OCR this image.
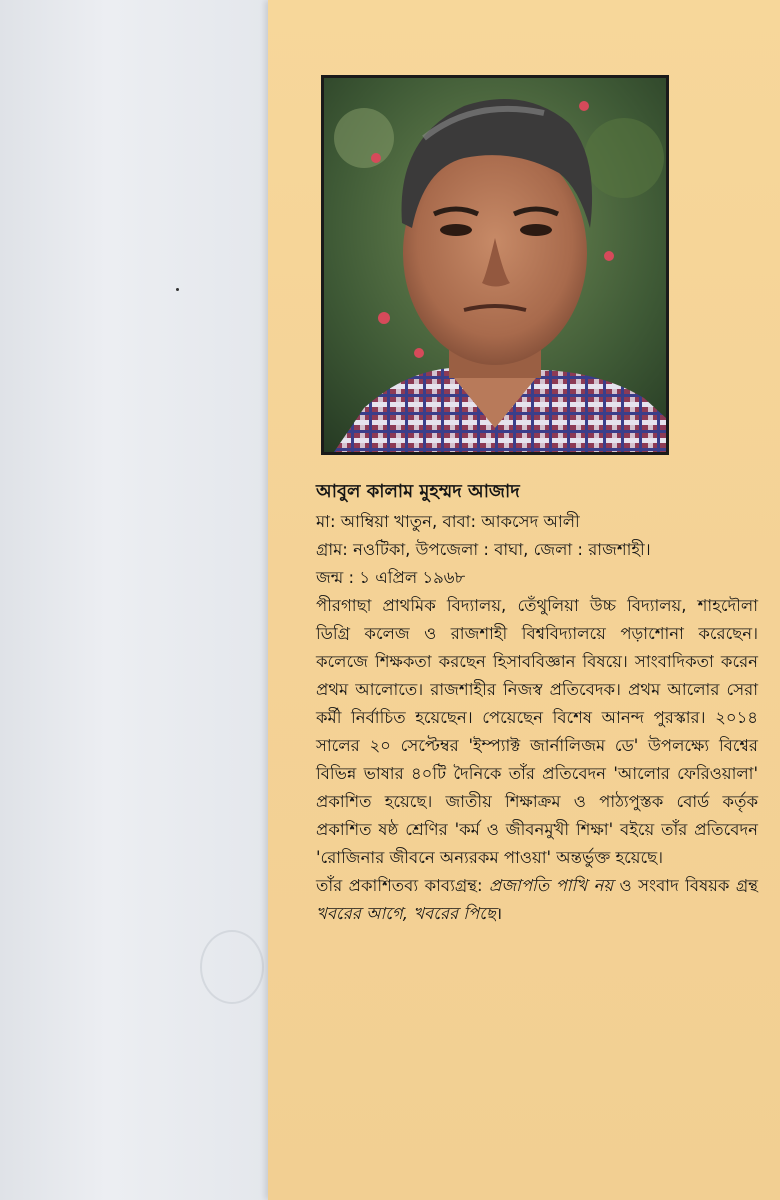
আবুল কালাম মুহম্মদ আজাদ
মা: আম্বিয়া খাতুন, বাবা: আকসেদ আলী
গ্রাম: নওটিকা, উপজেলা : বাঘা, জেলা : রাজশাহী।
জন্ম : ১ এপ্রিল ১৯৬৮
পীরগাছা প্রাথমিক বিদ্যালয়, তেঁথুলিয়া উচ্চ বিদ্যালয়, শাহদৌলা ডিগ্রি কলেজ ও রাজশাহী বিশ্ববিদ্যালয়ে পড়াশোনা করেছেন। কলেজে শিক্ষকতা করছেন হিসাববিজ্ঞান বিষয়ে। সাংবাদিকতা করেন প্রথম আলোতে। রাজশাহীর নিজস্ব প্রতিবেদক। প্রথম আলোর সেরা কর্মী নির্বাচিত হয়েছেন। পেয়েছেন বিশেষ আনন্দ পুরস্কার। ২০১৪ সালের ২০ সেপ্টেম্বর 'ইম্প্যাক্ট জার্নালিজম ডে' উপলক্ষ্যে বিশ্বের বিভিন্ন ভাষার ৪০টি দৈনিকে তাঁর প্রতিবেদন 'আলোর ফেরিওয়ালা' প্রকাশিত হয়েছে। জাতীয় শিক্ষাক্রম ও পাঠ্যপুস্তক বোর্ড কর্তৃক প্রকাশিত ষষ্ঠ শ্রেণির 'কর্ম ও জীবনমুখী শিক্ষা' বইয়ে তাঁর প্রতিবেদন 'রোজিনার জীবনে অন্যরকম পাওয়া' অন্তর্ভুক্ত হয়েছে।
তাঁর প্রকাশিতব্য কাব্যগ্রন্থ: প্রজাপতি পাখি নয় ও সংবাদ বিষয়ক গ্রন্থ খবরের আগে, খবরের পিছে।
